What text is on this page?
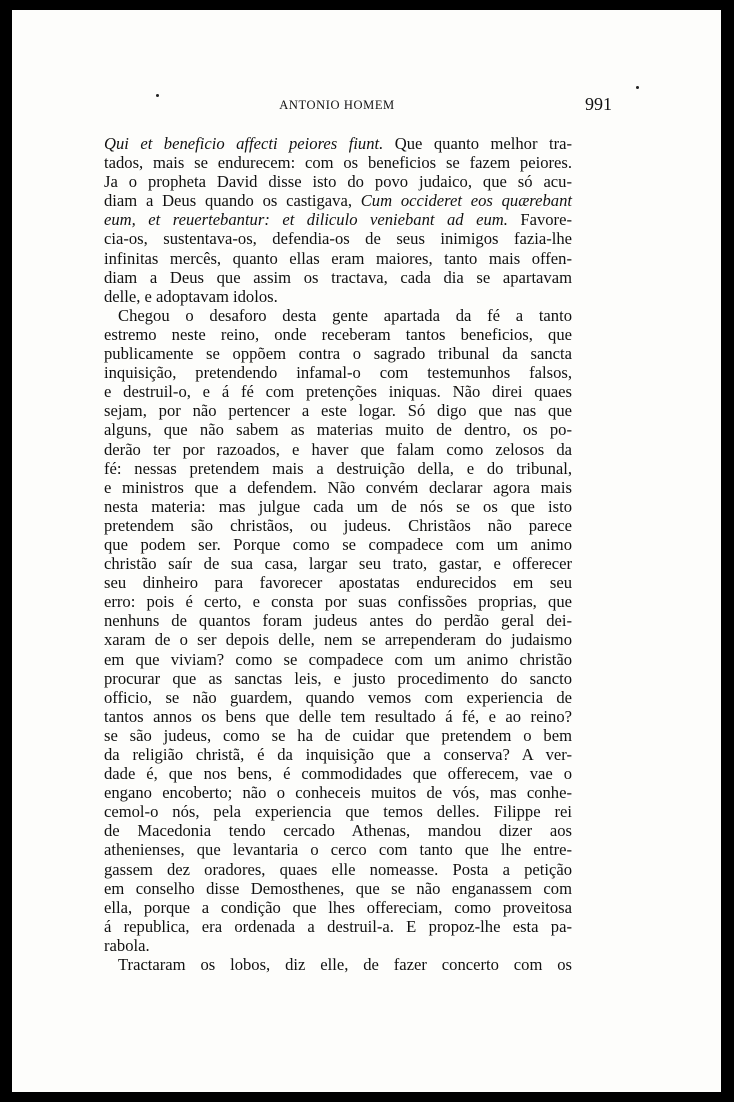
ANTONIO HOMEM	991
Qui et beneficio affecti peiores fiunt. Que quanto melhor tra-
tados, mais se endurecem: com os beneficios se fazem peiores.
Ja o propheta David disse isto do povo judaico, que só acu-
diam a Deus quando os castigava, Cum occideret eos quærebant
eum, et reuertebantur: et diliculo veniebant ad eum. Favore-
cia-os, sustentava-os, defendia-os de seus inimigos fazia-lhe
infinitas mercês, quanto ellas eram maiores, tanto mais offen-
diam a Deus que assim os tractava, cada dia se apartavam
delle, e adoptavam idolos.
Chegou o desaforo desta gente apartada da fé a tanto
estremo neste reino, onde receberam tantos beneficios, que
publicamente se oppõem contra o sagrado tribunal da sancta
inquisição, pretendendo infamal-o com testemunhos falsos,
e destruil-o, e á fé com pretenções iniquas. Não direi quaes
sejam, por não pertencer a este logar. Só digo que nas que
alguns, que não sabem as materias muito de dentro, os po-
derão ter por razoados, e haver que falam como zelosos da
fé: nessas pretendem mais a destruição della, e do tribunal,
e ministros que a defendem. Não convém declarar agora mais
nesta materia: mas julgue cada um de nós se os que isto
pretendem são christãos, ou judeus. Christãos não parece
que podem ser. Porque como se compadece com um animo
christão saír de sua casa, largar seu trato, gastar, e offerecer
seu dinheiro para favorecer apostatas endurecidos em seu
erro: pois é certo, e consta por suas confissões proprias, que
nenhuns de quantos foram judeus antes do perdão geral dei-
xaram de o ser depois delle, nem se arrependeram do judaismo
em que viviam? como se compadece com um animo christão
procurar que as sanctas leis, e justo procedimento do sancto
officio, se não guardem, quando vemos com experiencia de
tantos annos os bens que delle tem resultado á fé, e ao reino?
se são judeus, como se ha de cuidar que pretendem o bem
da religião christã, é da inquisição que a conserva? A ver-
dade é, que nos bens, é commodidades que offerecem, vae o
engano encoberto; não o conheceis muitos de vós, mas conhe-
cemol-o nós, pela experiencia que temos delles. Filippe rei
de Macedonia tendo cercado Athenas, mandou dizer aos
athenienses, que levantaria o cerco com tanto que lhe entre-
gassem dez oradores, quaes elle nomeasse. Posta a petição
em conselho disse Demosthenes, que se não enganassem com
ella, porque a condição que lhes offereciam, como proveitosa
á republica, era ordenada a destruil-a. E propoz-lhe esta pa-
rabola.
Tractaram os lobos, diz elle, de fazer concerto com os
